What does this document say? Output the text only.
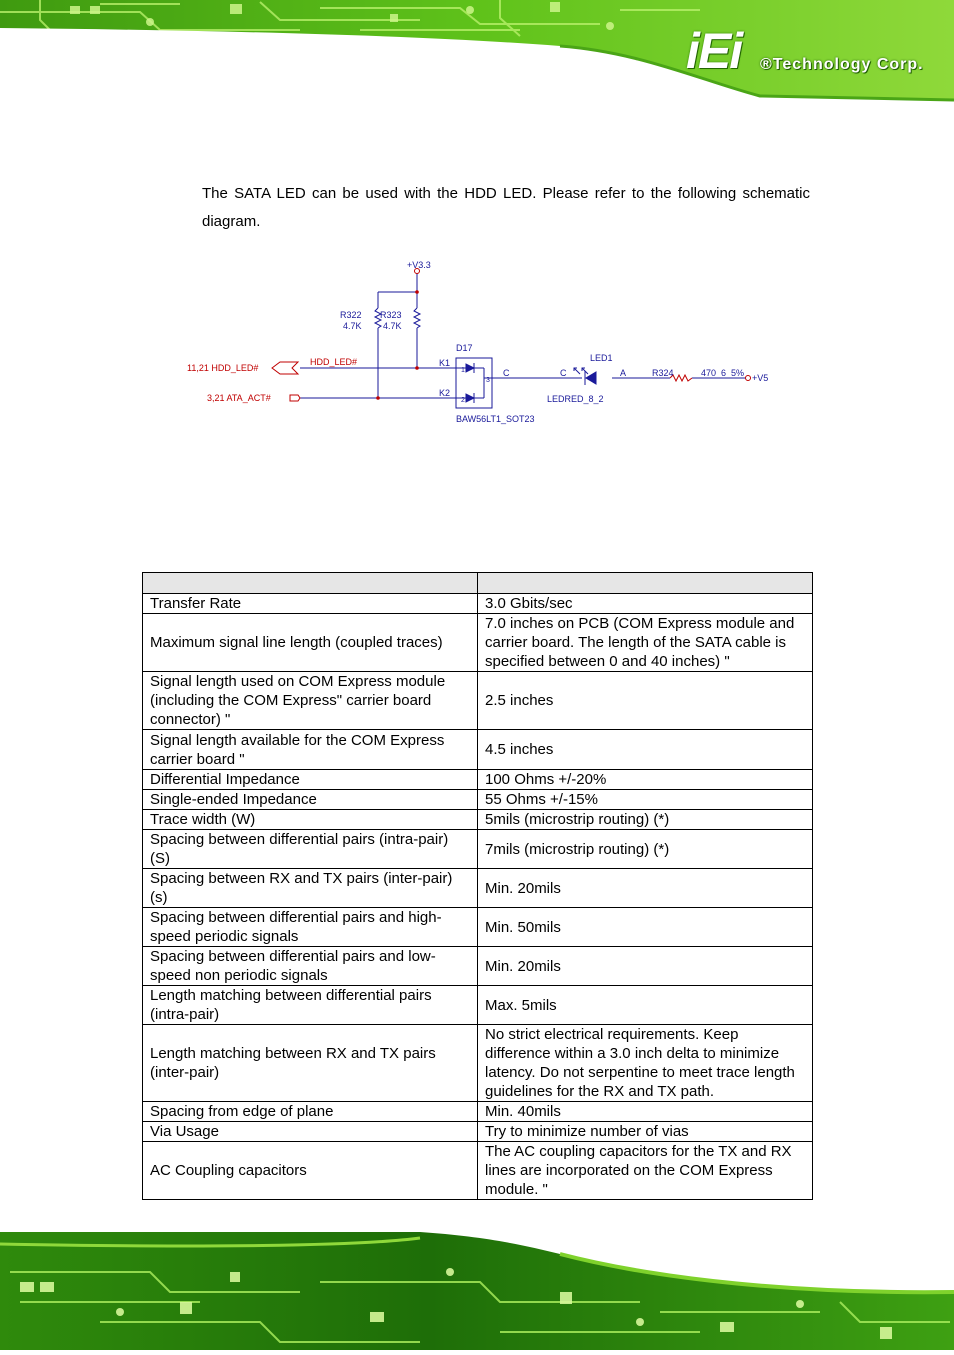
iEi ®Technology Corp.

The SATA LED can be used with the HDD LED. Please refer to the following schematic diagram.

+V3.3
R322
4.7K
R323
4.7K
D17
11,21 HDD_LED#
HDD_LED#
3,21 ATA_ACT#
K1
K2
1
2
3
C
BAW56LT1_SOT23
LED1
C	A
LEDRED_8_2
R324	470_6_5% +V5

Transfer Rate	3.0 Gbits/sec
Maximum signal line length (coupled traces)	7.0 inches on PCB (COM Express module and carrier board. The length of the SATA cable is specified between 0 and 40 inches) "
Signal length used on COM Express module (including the COM Express" carrier board connector) "	2.5 inches
Signal length available for the COM Express carrier board "	4.5 inches
Differential Impedance	100 Ohms +/-20%
Single-ended Impedance	55 Ohms +/-15%
Trace width (W)	5mils (microstrip routing) (*)
Spacing between differential pairs (intra-pair) (S)	7mils (microstrip routing) (*)
Spacing between RX and TX pairs (inter-pair) (s)	Min. 20mils
Spacing between differential pairs and high-speed periodic signals	Min. 50mils
Spacing between differential pairs and low-speed non periodic signals	Min. 20mils
Length matching between differential pairs (intra-pair)	Max. 5mils
Length matching between RX and TX pairs (inter-pair)	No strict electrical requirements. Keep difference within a 3.0 inch delta to minimize latency. Do not serpentine to meet trace length guidelines for the RX and TX path.
Spacing from edge of plane	Min. 40mils
Via Usage	Try to minimize number of vias
AC Coupling capacitors	The AC coupling capacitors for the TX and RX lines are incorporated on the COM Express module. "
